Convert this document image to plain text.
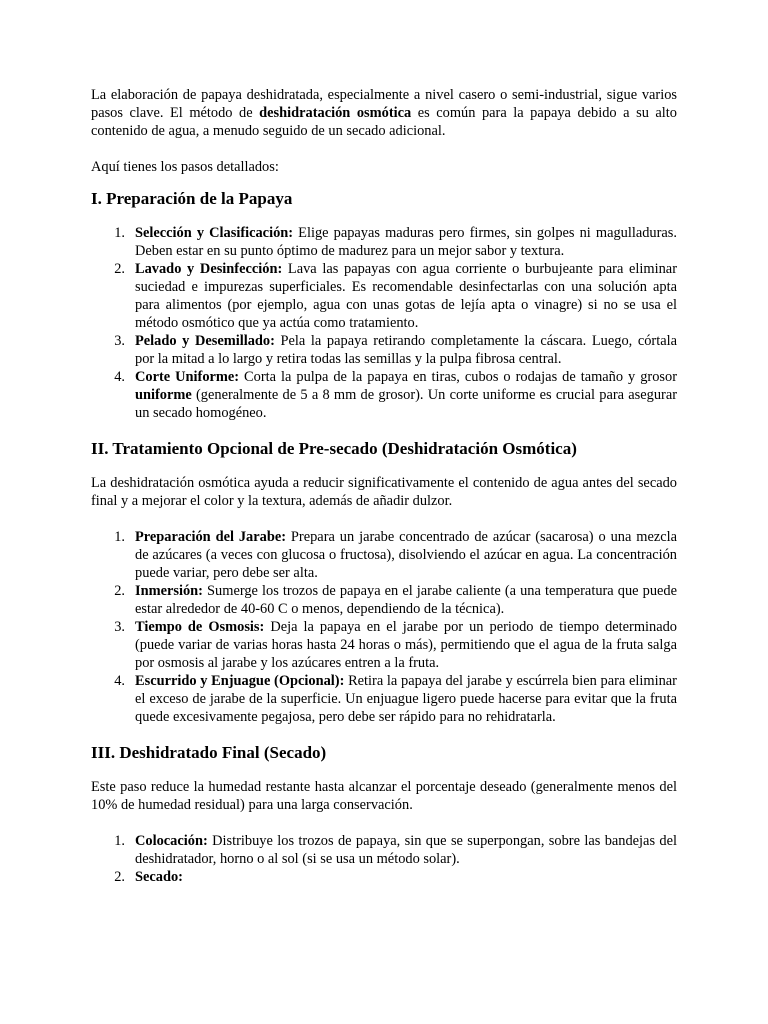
La elaboración de papaya deshidratada, especialmente a nivel casero o semi-industrial, sigue varios pasos clave. El método de deshidratación osmótica es común para la papaya debido a su alto contenido de agua, a menudo seguido de un secado adicional.

Aquí tienes los pasos detallados:

I. Preparación de la Papaya
1. Selección y Clasificación: Elige papayas maduras pero firmes, sin golpes ni magulladuras. Deben estar en su punto óptimo de madurez para un mejor sabor y textura.
2. Lavado y Desinfección: Lava las papayas con agua corriente o burbujeante para eliminar suciedad e impurezas superficiales. Es recomendable desinfectarlas con una solución apta para alimentos (por ejemplo, agua con unas gotas de lejía apta o vinagre) si no se usa el método osmótico que ya actúa como tratamiento.
3. Pelado y Desemillado: Pela la papaya retirando completamente la cáscara. Luego, córtala por la mitad a lo largo y retira todas las semillas y la pulpa fibrosa central.
4. Corte Uniforme: Corta la pulpa de la papaya en tiras, cubos o rodajas de tamaño y grosor uniforme (generalmente de 5 a 8 mm de grosor). Un corte uniforme es crucial para asegurar un secado homogéneo.
II. Tratamiento Opcional de Pre-secado (Deshidratación Osmótica)

La deshidratación osmótica ayuda a reducir significativamente el contenido de agua antes del secado final y a mejorar el color y la textura, además de añadir dulzor.

1. Preparación del Jarabe: Prepara un jarabe concentrado de azúcar (sacarosa) o una mezcla de azúcares (a veces con glucosa o fructosa), disolviendo el azúcar en agua. La concentración puede variar, pero debe ser alta.
2. Inmersión: Sumerge los trozos de papaya en el jarabe caliente (a una temperatura que puede estar alrededor de 40-60 C o menos, dependiendo de la técnica).
3. Tiempo de Osmosis: Deja la papaya en el jarabe por un periodo de tiempo determinado (puede variar de varias horas hasta 24 horas o más), permitiendo que el agua de la fruta salga por osmosis al jarabe y los azúcares entren a la fruta.
4. Escurrido y Enjuague (Opcional): Retira la papaya del jarabe y escúrrela bien para eliminar el exceso de jarabe de la superficie. Un enjuague ligero puede hacerse para evitar que la fruta quede excesivamente pegajosa, pero debe ser rápido para no rehidratarla.
III. Deshidratado Final (Secado)

Este paso reduce la humedad restante hasta alcanzar el porcentaje deseado (generalmente menos del 10% de humedad residual) para una larga conservación.

1. Colocación: Distribuye los trozos de papaya, sin que se superpongan, sobre las bandejas del deshidratador, horno o al sol (si se usa un método solar).
2. Secado:
